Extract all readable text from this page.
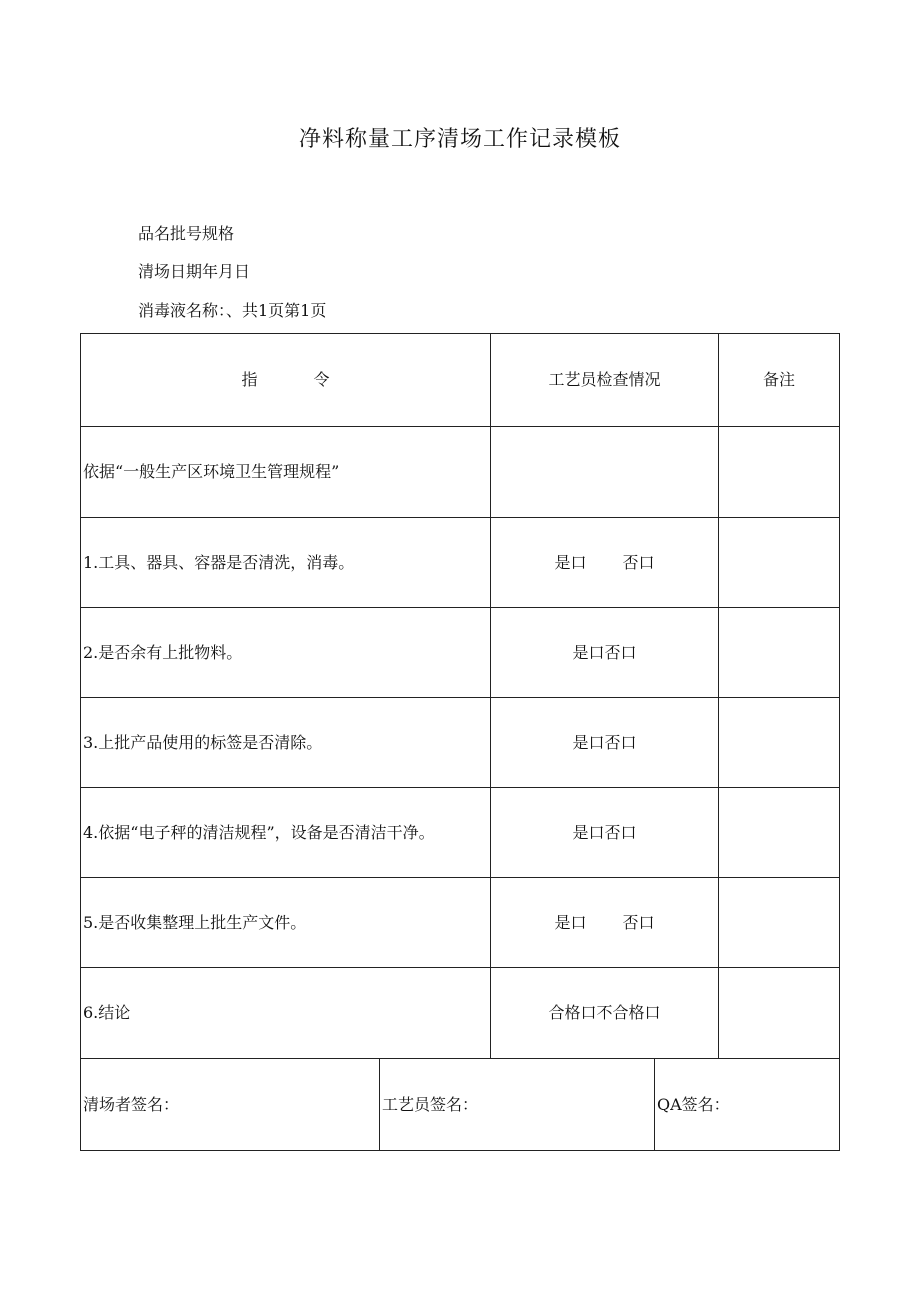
净料称量工序清场工作记录模板
品名批号规格
清场日期年月日
消毒液名称：、共1页第1页
指	令	工艺员检查情况	备注
依据“一般生产区环境卫生管理规程”
1.工具、器具、容器是否清洗，消毒。	是口 否口
2.是否余有上批物料。	是口否口
3.上批产品使用的标签是否清除。	是口否口
4.依据“电子秤的清洁规程”，设备是否清洁干净。	是口否口
5.是否收集整理上批生产文件。	是口 否口
6.结论	合格口不合格口
清场者签名：	工艺员签名：	QA签名：
